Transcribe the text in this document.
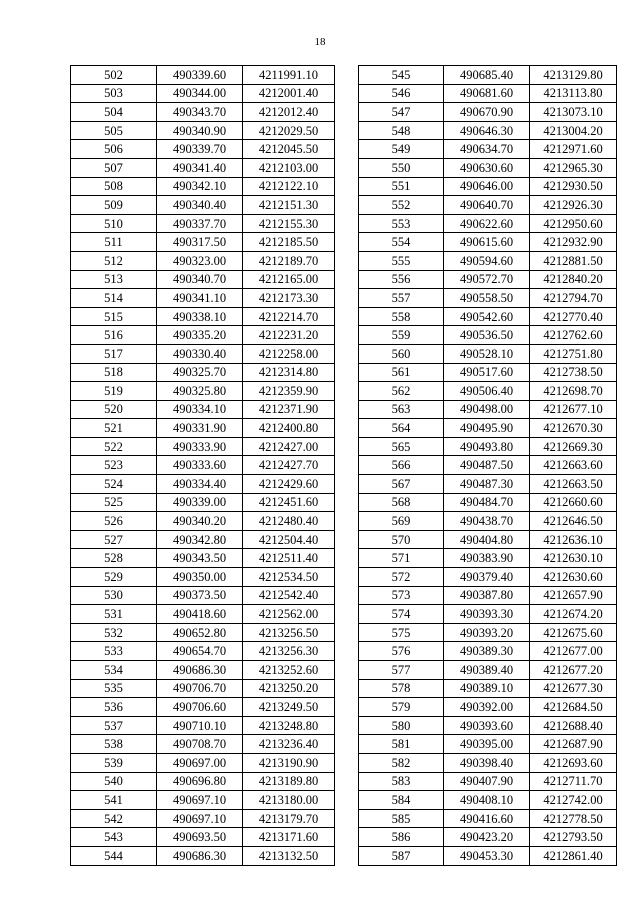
18
502	490339.60	4211991.10
503	490344.00	4212001.40
504	490343.70	4212012.40
505	490340.90	4212029.50
506	490339.70	4212045.50
507	490341.40	4212103.00
508	490342.10	4212122.10
509	490340.40	4212151.30
510	490337.70	4212155.30
511	490317.50	4212185.50
512	490323.00	4212189.70
513	490340.70	4212165.00
514	490341.10	4212173.30
515	490338.10	4212214.70
516	490335.20	4212231.20
517	490330.40	4212258.00
518	490325.70	4212314.80
519	490325.80	4212359.90
520	490334.10	4212371.90
521	490331.90	4212400.80
522	490333.90	4212427.00
523	490333.60	4212427.70
524	490334.40	4212429.60
525	490339.00	4212451.60
526	490340.20	4212480.40
527	490342.80	4212504.40
528	490343.50	4212511.40
529	490350.00	4212534.50
530	490373.50	4212542.40
531	490418.60	4212562.00
532	490652.80	4213256.50
533	490654.70	4213256.30
534	490686.30	4213252.60
535	490706.70	4213250.20
536	490706.60	4213249.50
537	490710.10	4213248.80
538	490708.70	4213236.40
539	490697.00	4213190.90
540	490696.80	4213189.80
541	490697.10	4213180.00
542	490697.10	4213179.70
543	490693.50	4213171.60
544	490686.30	4213132.50
545	490685.40	4213129.80
546	490681.60	4213113.80
547	490670.90	4213073.10
548	490646.30	4213004.20
549	490634.70	4212971.60
550	490630.60	4212965.30
551	490646.00	4212930.50
552	490640.70	4212926.30
553	490622.60	4212950.60
554	490615.60	4212932.90
555	490594.60	4212881.50
556	490572.70	4212840.20
557	490558.50	4212794.70
558	490542.60	4212770.40
559	490536.50	4212762.60
560	490528.10	4212751.80
561	490517.60	4212738.50
562	490506.40	4212698.70
563	490498.00	4212677.10
564	490495.90	4212670.30
565	490493.80	4212669.30
566	490487.50	4212663.60
567	490487.30	4212663.50
568	490484.70	4212660.60
569	490438.70	4212646.50
570	490404.80	4212636.10
571	490383.90	4212630.10
572	490379.40	4212630.60
573	490387.80	4212657.90
574	490393.30	4212674.20
575	490393.20	4212675.60
576	490389.30	4212677.00
577	490389.40	4212677.20
578	490389.10	4212677.30
579	490392.00	4212684.50
580	490393.60	4212688.40
581	490395.00	4212687.90
582	490398.40	4212693.60
583	490407.90	4212711.70
584	490408.10	4212742.00
585	490416.60	4212778.50
586	490423.20	4212793.50
587	490453.30	4212861.40
